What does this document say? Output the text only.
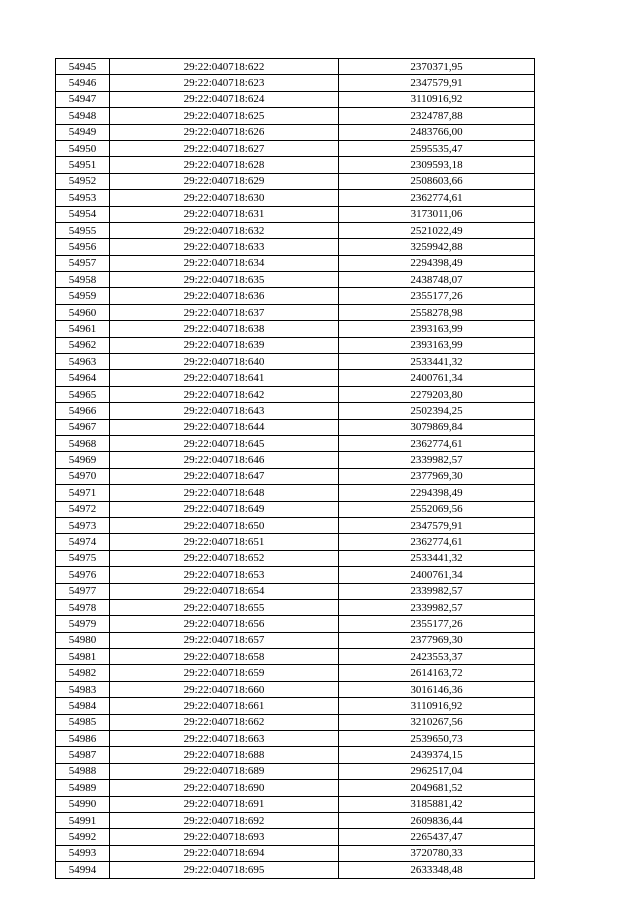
54945	29:22:040718:622	2370371,95
54946	29:22:040718:623	2347579,91
54947	29:22:040718:624	3110916,92
54948	29:22:040718:625	2324787,88
54949	29:22:040718:626	2483766,00
54950	29:22:040718:627	2595535,47
54951	29:22:040718:628	2309593,18
54952	29:22:040718:629	2508603,66
54953	29:22:040718:630	2362774,61
54954	29:22:040718:631	3173011,06
54955	29:22:040718:632	2521022,49
54956	29:22:040718:633	3259942,88
54957	29:22:040718:634	2294398,49
54958	29:22:040718:635	2438748,07
54959	29:22:040718:636	2355177,26
54960	29:22:040718:637	2558278,98
54961	29:22:040718:638	2393163,99
54962	29:22:040718:639	2393163,99
54963	29:22:040718:640	2533441,32
54964	29:22:040718:641	2400761,34
54965	29:22:040718:642	2279203,80
54966	29:22:040718:643	2502394,25
54967	29:22:040718:644	3079869,84
54968	29:22:040718:645	2362774,61
54969	29:22:040718:646	2339982,57
54970	29:22:040718:647	2377969,30
54971	29:22:040718:648	2294398,49
54972	29:22:040718:649	2552069,56
54973	29:22:040718:650	2347579,91
54974	29:22:040718:651	2362774,61
54975	29:22:040718:652	2533441,32
54976	29:22:040718:653	2400761,34
54977	29:22:040718:654	2339982,57
54978	29:22:040718:655	2339982,57
54979	29:22:040718:656	2355177,26
54980	29:22:040718:657	2377969,30
54981	29:22:040718:658	2423553,37
54982	29:22:040718:659	2614163,72
54983	29:22:040718:660	3016146,36
54984	29:22:040718:661	3110916,92
54985	29:22:040718:662	3210267,56
54986	29:22:040718:663	2539650,73
54987	29:22:040718:688	2439374,15
54988	29:22:040718:689	2962517,04
54989	29:22:040718:690	2049681,52
54990	29:22:040718:691	3185881,42
54991	29:22:040718:692	2609836,44
54992	29:22:040718:693	2265437,47
54993	29:22:040718:694	3720780,33
54994	29:22:040718:695	2633348,48
